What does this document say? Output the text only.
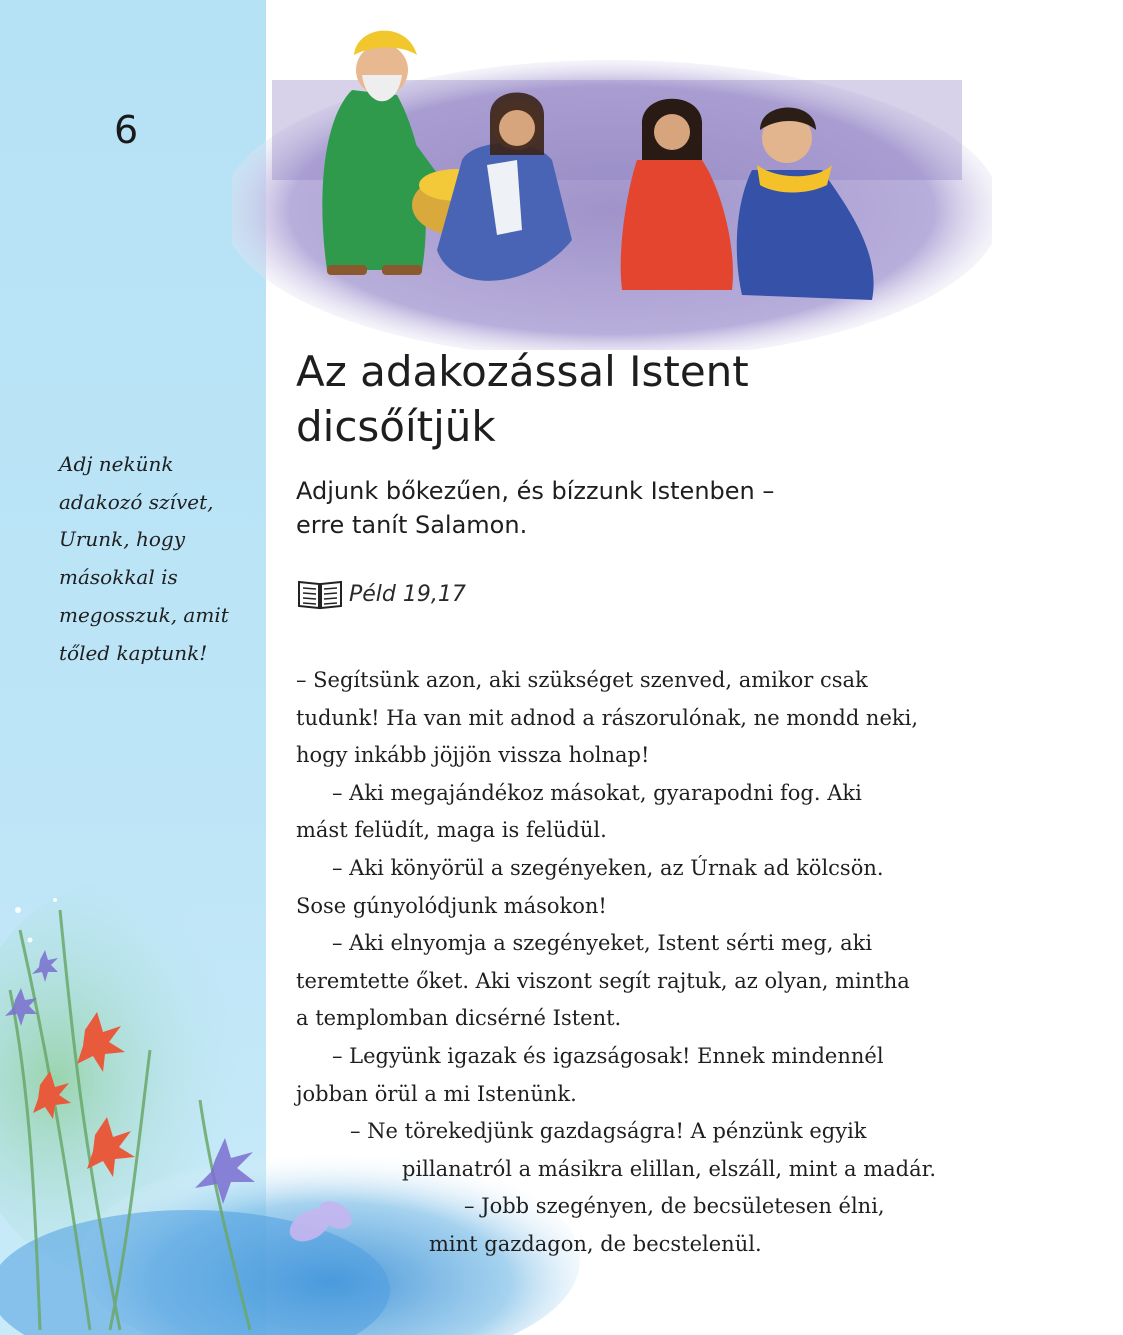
6
Adj nekünk
adakozó szívet,
Urunk, hogy
másokkal is
megosszuk, amit
tőled kaptunk!
Az adakozással Istent
dicsőítjük
Adjunk bőkezűen, és bízzunk Istenben –
erre tanít Salamon.
Péld 19,17
– Segítsünk azon, aki szükséget szenved, amikor csak
tudunk! Ha van mit adnod a rászorulónak, ne mondd neki,
hogy inkább jöjjön vissza holnap!
– Aki megajándékoz másokat, gyarapodni fog. Aki
mást felüdít, maga is felüdül.
– Aki könyörül a szegényeken, az Úrnak ad kölcsön.
Sose gúnyolódjunk másokon!
– Aki elnyomja a szegényeket, Istent sérti meg, aki
teremtette őket. Aki viszont segít rajtuk, az olyan, mintha
a templomban dicsérné Istent.
– Legyünk igazak és igazságosak! Ennek mindennél
jobban örül a mi Istenünk.
– Ne törekedjünk gazdagságra! A pénzünk egyik
pillanatról a másikra elillan, elszáll, mint a madár.
– Jobb szegényen, de becsületesen élni,
mint gazdagon, de becstelenül.
